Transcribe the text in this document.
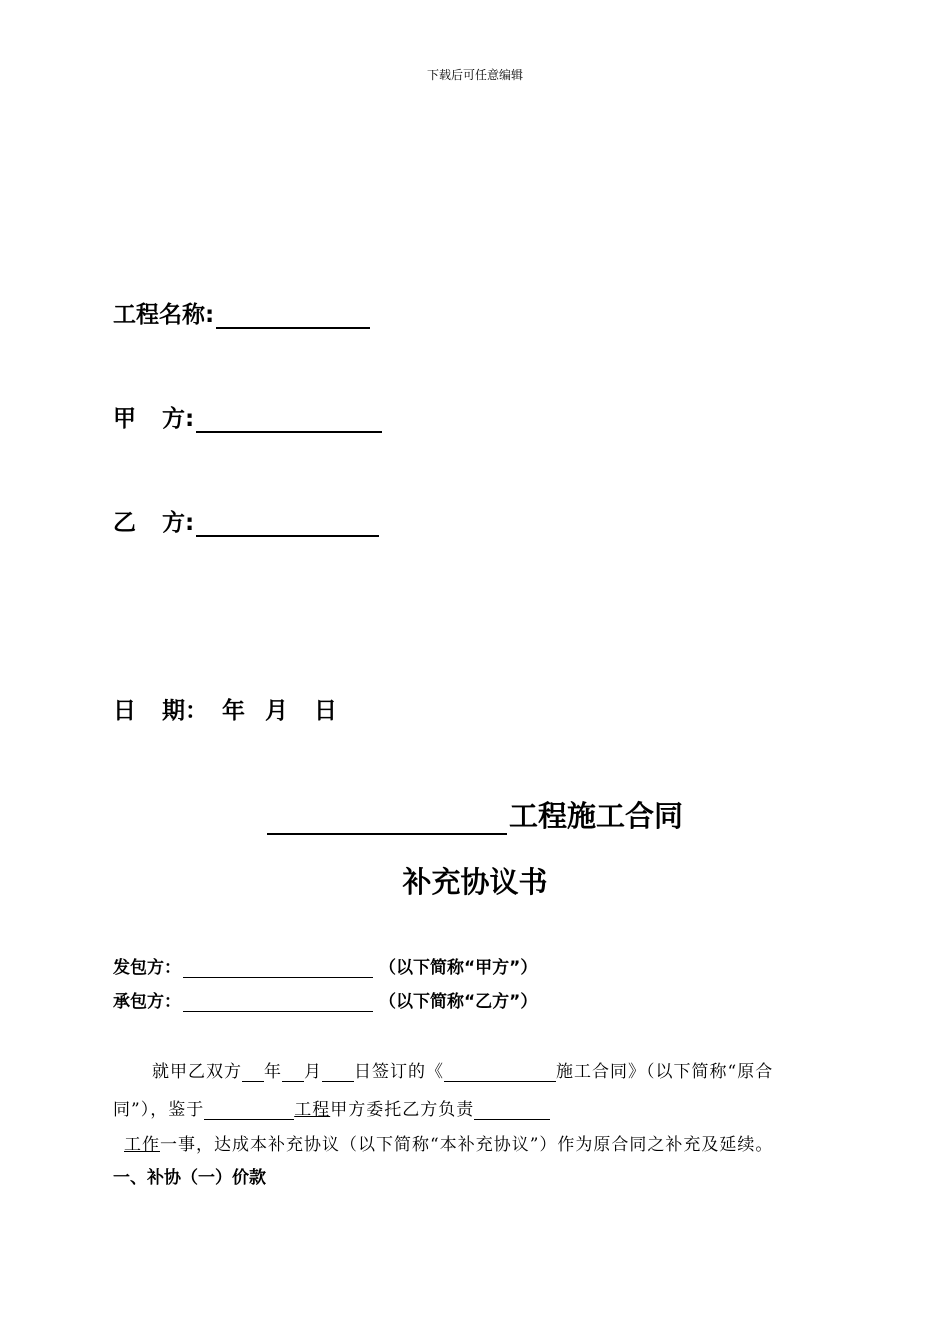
下载后可任意编辑
工程名称:
甲 方:
乙 方:
日 期： 年 月 日
工程施工合同
补充协议书
发包方：	（以下简称“甲方”）
承包方：	（以下简称“乙方”）
就甲乙双方 年 月 日签订的《	施工合同》（以下简称“原合
同”），鉴于	工程甲方委托乙方负责
工作一事，达成本补充协议（以下简称“本补充协议”）作为原合同之补充及延续。
一、补协（一）价款
